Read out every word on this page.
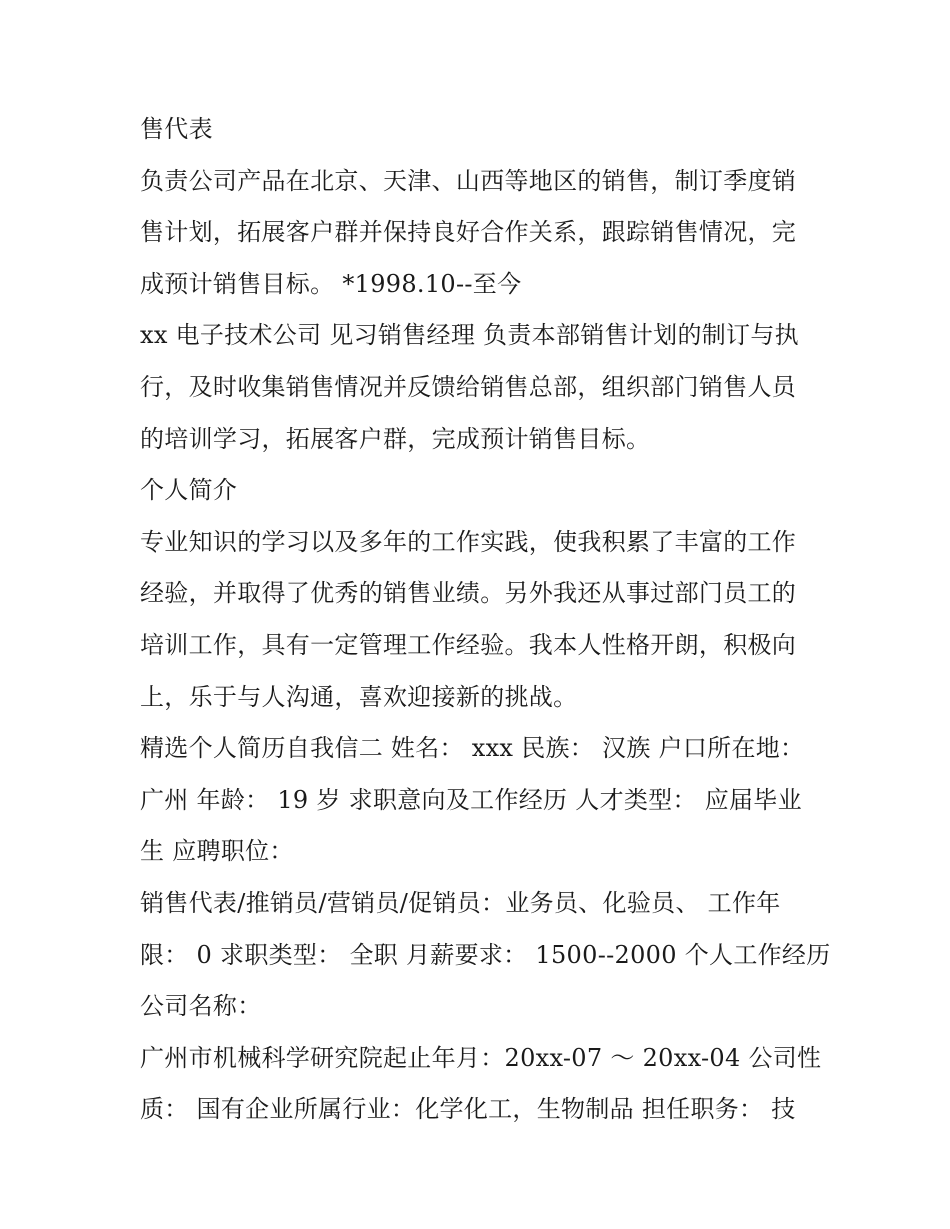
售代表

负责公司产品在北京、天津、山西等地区的销售，制订季度销

售计划，拓展客户群并保持良好合作关系，跟踪销售情况，完

成预计销售目标。 *1998.10--至今

xx 电子技术公司 见习销售经理 负责本部销售计划的制订与执

行，及时收集销售情况并反馈给销售总部，组织部门销售人员

的培训学习，拓展客户群，完成预计销售目标。

个人简介

专业知识的学习以及多年的工作实践，使我积累了丰富的工作

经验，并取得了优秀的销售业绩。另外我还从事过部门员工的

培训工作，具有一定管理工作经验。我本人性格开朗，积极向

上，乐于与人沟通，喜欢迎接新的挑战。

精选个人简历自我信二 姓名： xxx 民族： 汉族 户口所在地：

广州 年龄： 19 岁 求职意向及工作经历 人才类型： 应届毕业

生 应聘职位：

销售代表/推销员/营销员/促销员：业务员、化验员、 工作年

限： 0 求职类型： 全职 月薪要求： 1500--2000 个人工作经历

公司名称：

广州市机械科学研究院起止年月：20xx-07 ～ 20xx-04 公司性

质： 国有企业所属行业：化学化工，生物制品 担任职务： 技
